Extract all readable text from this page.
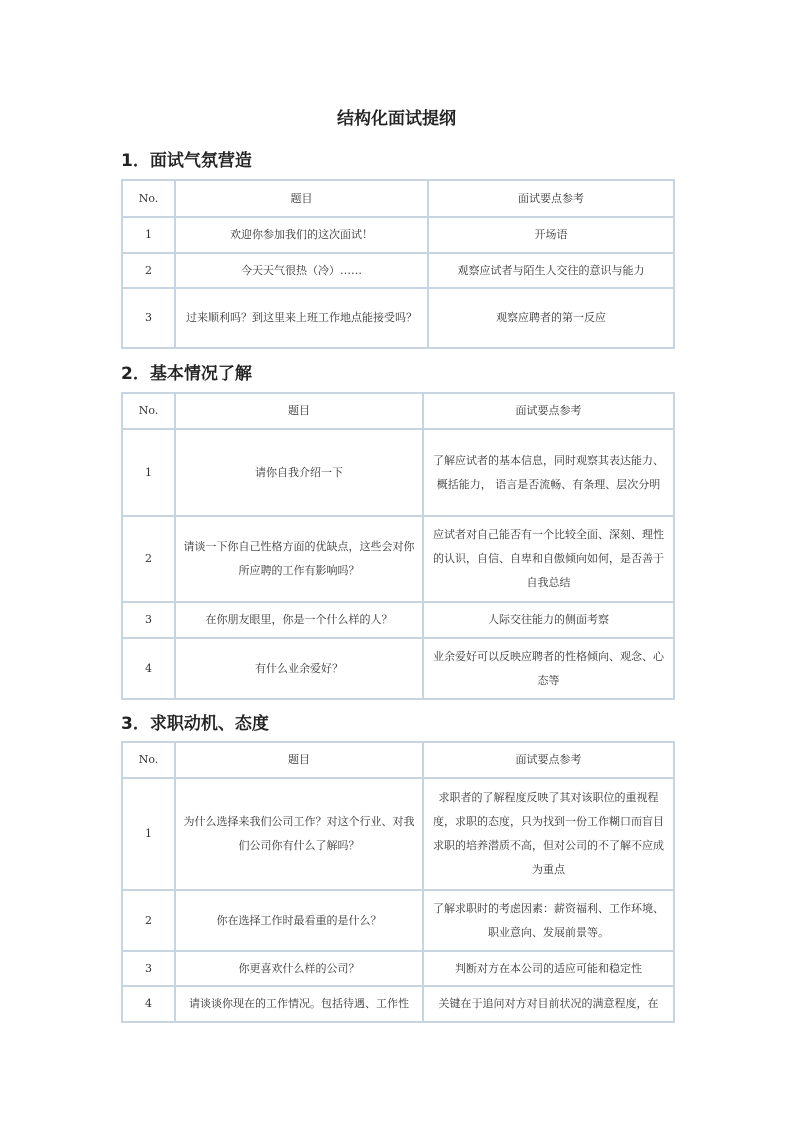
结构化面试提纲
1．面试气氛营造
No.	题目	面试要点参考
1	欢迎你参加我们的这次面试！	开场语
2	今天天气很热（冷）……	观察应试者与陌生人交往的意识与能力
3	过来顺利吗？到这里来上班工作地点能接受吗？	观察应聘者的第一反应
2．基本情况了解
No.	题目	面试要点参考
1	请你自我介绍一下	了解应试者的基本信息，同时观察其表达能力、概括能力， 语言是否流畅、有条理、层次分明
2	请谈一下你自己性格方面的优缺点，这些会对你所应聘的工作有影响吗？	应试者对自己能否有一个比较全面、深刻、理性的认识，自信、自卑和自傲倾向如何，是否善于自我总结
3	在你朋友眼里，你是一个什么样的人？	人际交往能力的侧面考察
4	有什么业余爱好？	业余爱好可以反映应聘者的性格倾向、观念、心态等
3．求职动机、态度
No.	题目	面试要点参考
1	为什么选择来我们公司工作？对这个行业、对我们公司你有什么了解吗？	求职者的了解程度反映了其对该职位的重视程度，求职的态度，只为找到一份工作糊口而盲目求职的培养潜质不高，但对公司的不了解不应成为重点
2	你在选择工作时最看重的是什么？	了解求职时的考虑因素：薪资福利、工作环境、职业意向、发展前景等。
3	你更喜欢什么样的公司？	判断对方在本公司的适应可能和稳定性
4	请谈谈你现在的工作情况。包括待遇、工作性	关键在于追问对方对目前状况的满意程度，在
